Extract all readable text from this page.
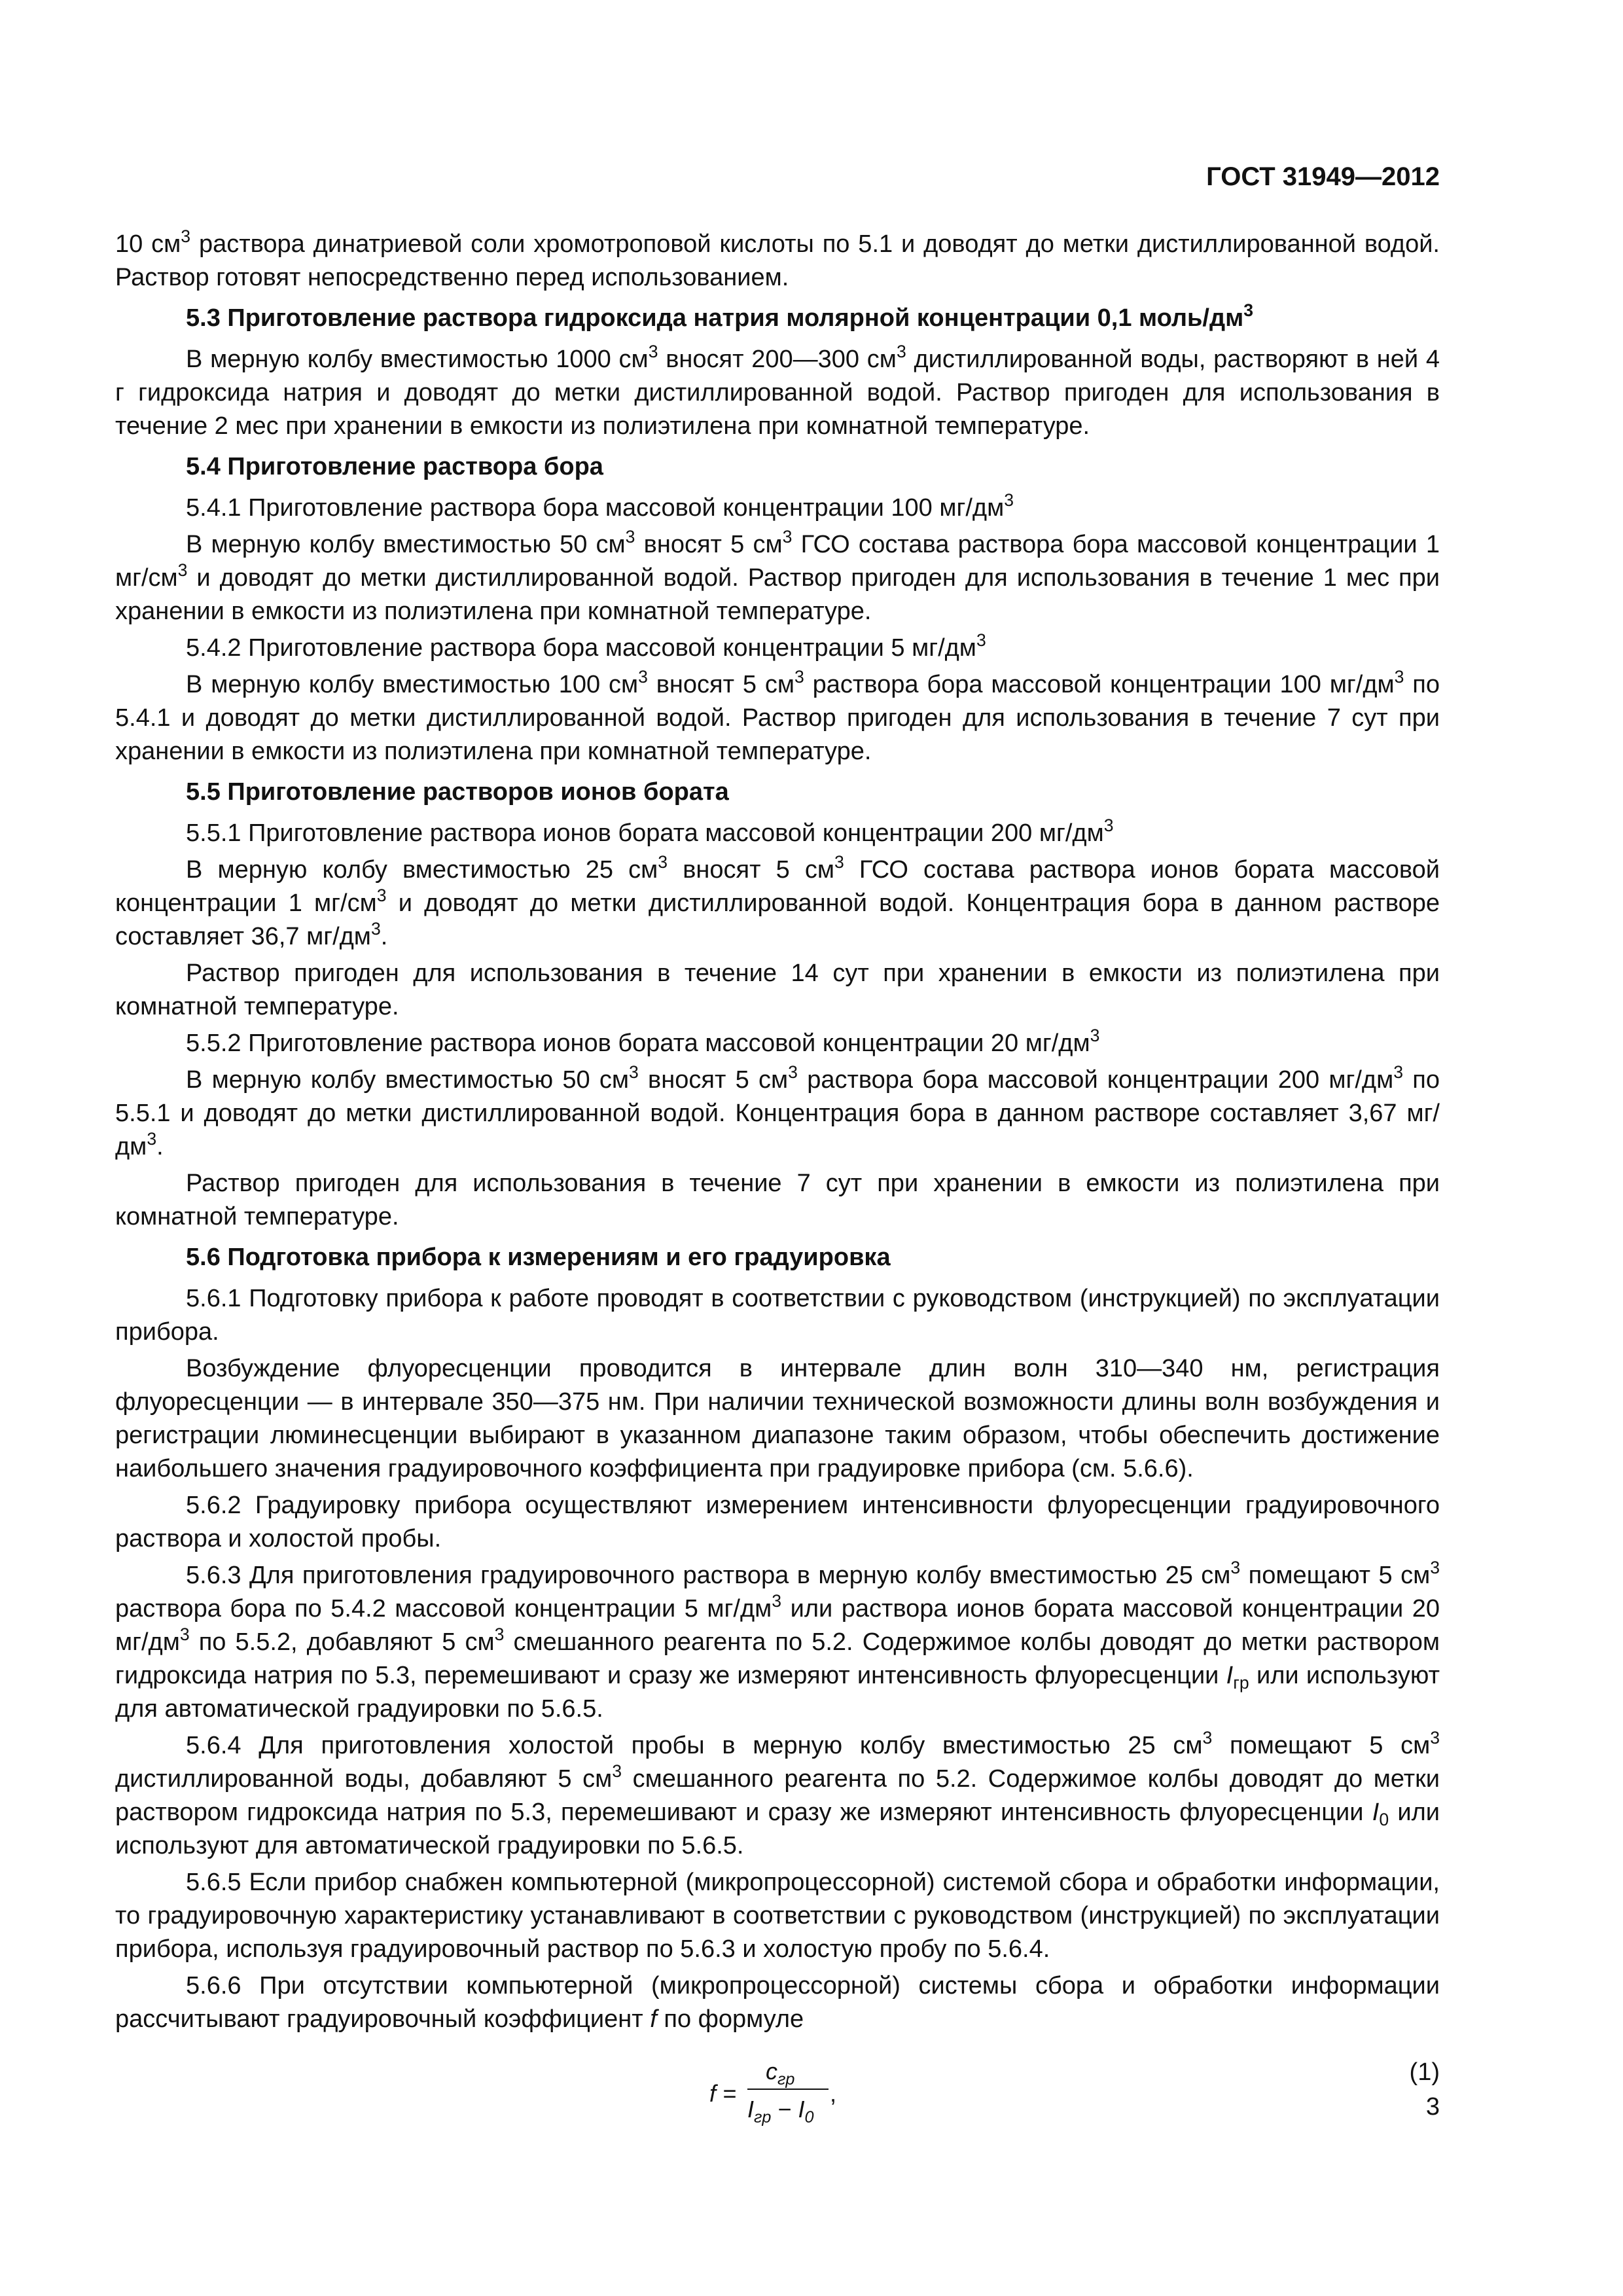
ГОСТ 31949—2012

10 $см^3$ раствора динатриевой соли хромотроповой кислоты по 5.1 и доводят до метки дистиллированной водой. Раствор готовят непосредственно перед использованием.

5.3 Приготовление раствора гидроксида натрия молярной концентрации 0,1 моль/$дм^3$

В мерную колбу вместимостью 1000 $см^3$ вносят 200—300 $см^3$ дистиллированной воды, растворяют в ней 4 г гидроксида натрия и доводят до метки дистиллированной водой. Раствор пригоден для использования в течение 2 мес при хранении в емкости из полиэтилена при комнатной температуре.

5.4 Приготовление раствора бора

5.4.1 Приготовление раствора бора массовой концентрации 100 $мг/дм^3$

В мерную колбу вместимостью 50 $см^3$ вносят 5 $см^3$ ГСО состава раствора бора массовой концентрации 1 $мг/см^3$ и доводят до метки дистиллированной водой. Раствор пригоден для использования в течение 1 мес при хранении в емкости из полиэтилена при комнатной температуре.

5.4.2 Приготовление раствора бора массовой концентрации 5 $мг/дм^3$

В мерную колбу вместимостью 100 $см^3$ вносят 5 $см^3$ раствора бора массовой концентрации 100 $мг/дм^3$ по 5.4.1 и доводят до метки дистиллированной водой. Раствор пригоден для использования в течение 7 сут при хранении в емкости из полиэтилена при комнатной температуре.

5.5 Приготовление растворов ионов бората

5.5.1 Приготовление раствора ионов бората массовой концентрации 200 $мг/дм^3$

В мерную колбу вместимостью 25 $см^3$ вносят 5 $см^3$ ГСО состава раствора ионов бората массовой концентрации 1 $мг/см^3$ и доводят до метки дистиллированной водой. Концентрация бора в данном растворе составляет 36,7 $мг/дм^3$.

Раствор пригоден для использования в течение 14 сут при хранении в емкости из полиэтилена при комнатной температуре.

5.5.2 Приготовление раствора ионов бората массовой концентрации 20 $мг/дм^3$

В мерную колбу вместимостью 50 $см^3$ вносят 5 $см^3$ раствора бора массовой концентрации 200 $мг/дм^3$ по 5.5.1 и доводят до метки дистиллированной водой. Концентрация бора в данном растворе составляет 3,67 $мг/дм^3$.

Раствор пригоден для использования в течение 7 сут при хранении в емкости из полиэтилена при комнатной температуре.

5.6 Подготовка прибора к измерениям и его градуировка

5.6.1 Подготовку прибора к работе проводят в соответствии с руководством (инструкцией) по эксплуатации прибора.

Возбуждение флуоресценции проводится в интервале длин волн 310—340 нм, регистрация флуоресценции — в интервале 350—375 нм. При наличии технической возможности длины волн возбуждения и регистрации люминесценции выбирают в указанном диапазоне таким образом, чтобы обеспечить достижение наибольшего значения градуировочного коэффициента при градуировке прибора (см. 5.6.6).

5.6.2 Градуировку прибора осуществляют измерением интенсивности флуоресценции градуировочного раствора и холостой пробы.

5.6.3 Для приготовления градуировочного раствора в мерную колбу вместимостью 25 $см^3$ помещают 5 $см^3$ раствора бора по 5.4.2 массовой концентрации 5 $мг/дм^3$ или раствора ионов бората массовой концентрации 20 $мг/дм^3$ по 5.5.2, добавляют 5 $см^3$ смешанного реагента по 5.2. Содержимое колбы доводят до метки раствором гидроксида натрия по 5.3, перемешивают и сразу же измеряют интенсивность флуоресценции $I_{гр}$ или используют для автоматической градуировки по 5.6.5.

5.6.4 Для приготовления холостой пробы в мерную колбу вместимостью 25 $см^3$ помещают 5 $см^3$ дистиллированной воды, добавляют 5 $см^3$ смешанного реагента по 5.2. Содержимое колбы доводят до метки раствором гидроксида натрия по 5.3, перемешивают и сразу же измеряют интенсивность флуоресценции $I_0$ или используют для автоматической градуировки по 5.6.5.

5.6.5 Если прибор снабжен компьютерной (микропроцессорной) системой сбора и обработки информации, то градуировочную характеристику устанавливают в соответствии с руководством (инструкцией) по эксплуатации прибора, используя градуировочный раствор по 5.6.3 и холостую пробу по 5.6.4.

5.6.6 При отсутствии компьютерной (микропроцессорной) системы сбора и обработки информации рассчитывают градуировочный коэффициент f по формуле

f =
$c_{гр}$
$I_{гр} - I_0$
,
(1)
3
